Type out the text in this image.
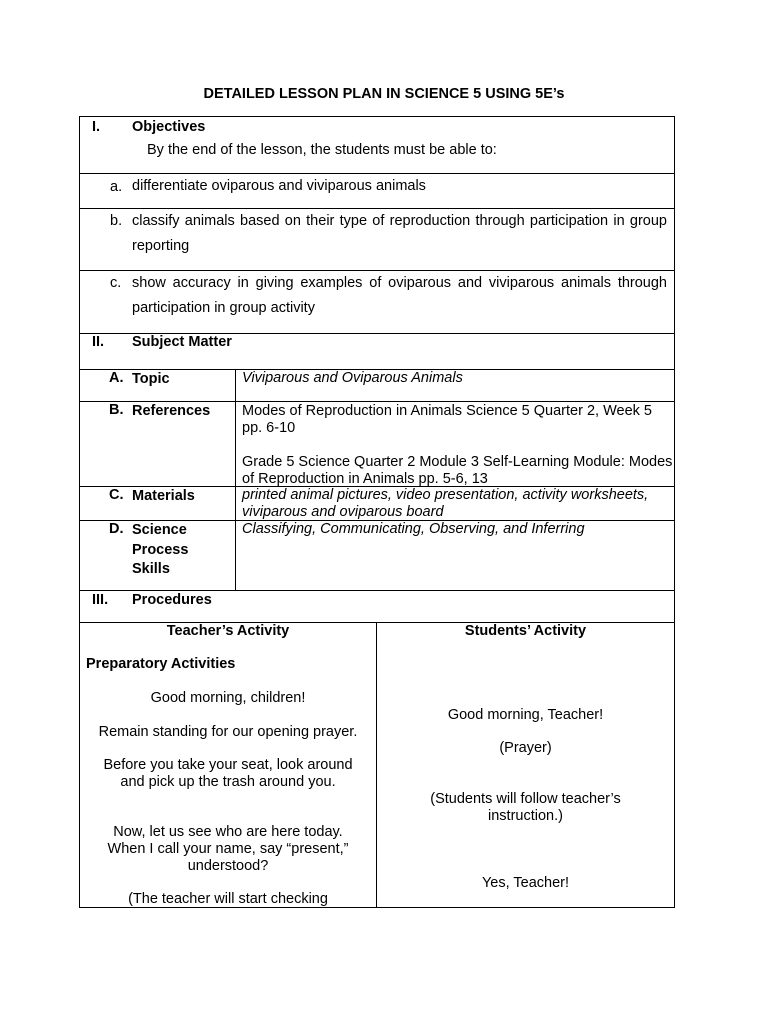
DETAILED LESSON PLAN IN SCIENCE 5 USING 5E’s
I. Objectives
By the end of the lesson, the students must be able to:
a. differentiate oviparous and viviparous animals
b. classify animals based on their type of reproduction through participation in group reporting
c. show accuracy in giving examples of oviparous and viviparous animals through participation in group activity
II. Subject Matter
A. Topic	Viviparous and Oviparous Animals
B. References Modes of Reproduction in Animals Science 5 Quarter 2, Week 5 pp. 6-10
Grade 5 Science Quarter 2 Module 3 Self-Learning Module: Modes of Reproduction in Animals pp. 5-6, 13
C. Materials	printed animal pictures, video presentation, activity worksheets, viviparous and oviparous board
D. Science
Process
Skills
Classifying, Communicating, Observing, and Inferring
III. Procedures
Teacher’s Activity
Preparatory Activities
Good morning, children!
Remain standing for our opening prayer.
Before you take your seat, look around
and pick up the trash around you.
Now, let us see who are here today.
When I call your name, say “present,”
understood?
(The teacher will start checking
Students’ Activity
Good morning, Teacher!
(Prayer)
(Students will follow teacher’s
instruction.)
Yes, Teacher!
